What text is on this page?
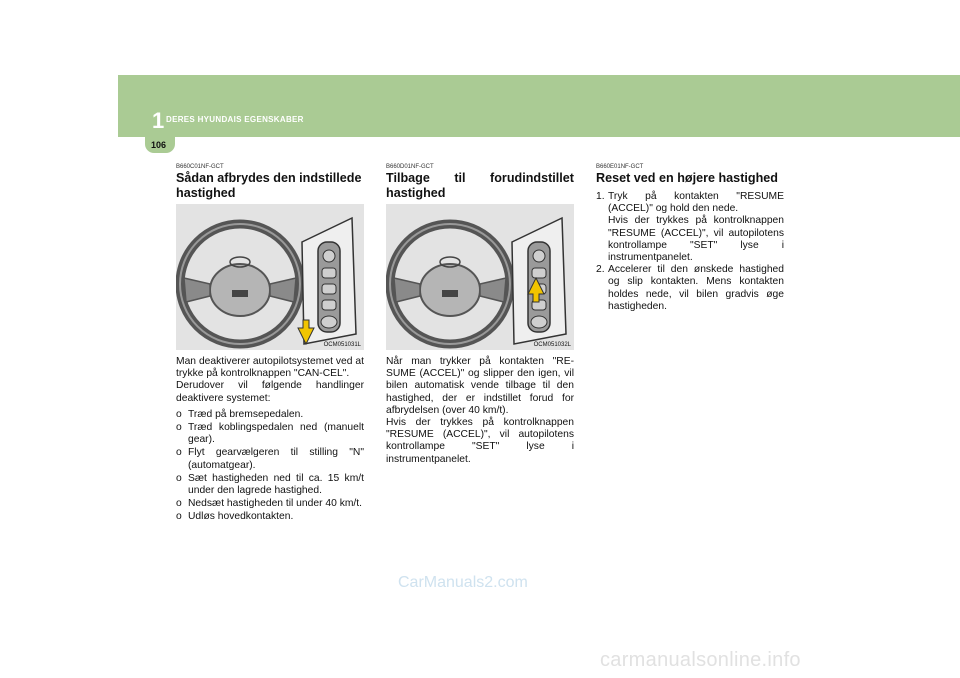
1 DERES HYUNDAIS EGENSKABER
106
B660C01NF-GCT
Sådan afbrydes den indstillede hastighed
OCM051031L
Man deaktiverer autopilotsystemet ved at trykke på kontrolknappen "CAN-CEL".
Derudover vil følgende handlinger deaktivere systemet:
o Træd på bremsepedalen.
o Træd koblingspedalen ned (manuelt gear).
o Flyt gearvælgeren til stilling "N" (automatgear).
o Sæt hastigheden ned til ca. 15 km/t under den lagrede hastighed.
o Nedsæt hastigheden til under 40 km/t.
o Udløs hovedkontakten.
B660D01NF-GCT
Tilbage til forudindstillet
hastighed
OCM051032L
Når man trykker på kontakten "RE-SUME (ACCEL)" og slipper den igen, vil bilen automatisk vende tilbage til den hastighed, der er indstillet forud for afbrydelsen (over 40 km/t).
Hvis der trykkes på kontrolknappen "RESUME (ACCEL)", vil autopilotens kontrollampe "SET" lyse i instrumentpanelet.
B660E01NF-GCT
Reset ved en højere hastighed
1. Tryk på kontakten "RESUME (ACCEL)" og hold den nede.
Hvis der trykkes på kontrolknappen "RESUME (ACCEL)", vil autopilotens kontrollampe "SET" lyse i instrumentpanelet.
2. Accelerer til den ønskede hastighed og slip kontakten. Mens kontakten holdes nede, vil bilen gradvis øge hastigheden.
CarManuals2.com
carmanualsonline.info
